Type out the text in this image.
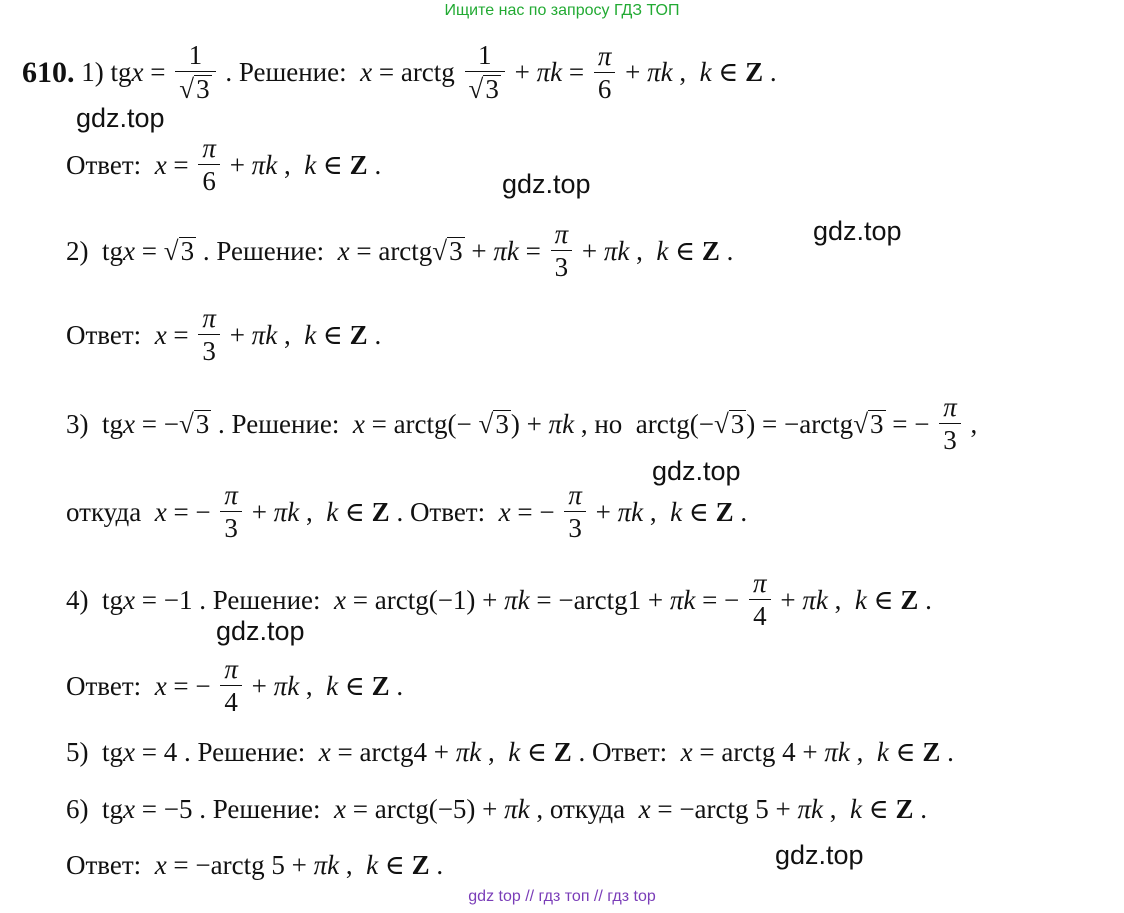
Ищите нас по запросу ГДЗ ТОП
gdz.top
gdz.top
gdz.top
gdz.top
gdz.top
gdz.top
610. 1) tgx = $\frac{1}{√3}$ . Решение: x = arctg $\frac{1}{√3} + \pi k = \frac{\pi}{6} + \pi k$ ,  k ∈ Z .
Ответ: $x = \frac{\pi}{6} + \pi k$ ,  k ∈ Z .
2)  tgx = √3 . Решение: x = arctg√3 + $\pi k = \frac{\pi}{3} + \pi k$ ,  k ∈ Z .
Ответ: $x = \frac{\pi}{3} + \pi k$ ,  k ∈ Z .
3)  tgx = −√3 . Решение: x = arctg(− √3) + πk , но  arctg(−√3) = −arctg√3 = − $\frac{\pi}{3}$ ,
откуда x = − $\frac{\pi}{3} + \pi k$ ,  k ∈ Z . Ответ: x = − $\frac{\pi}{3} + \pi k$ ,  k ∈ Z .
4)  tgx = −1 . Решение: x = arctg(−1) + πk = −arctg1 + πk = − $\frac{\pi}{4} + \pi k$ ,  k ∈ Z .
Ответ: x = − $\frac{\pi}{4} + \pi k$ ,  k ∈ Z .
5)  tgx = 4 . Решение: x = arctg4 + πk ,  k ∈ Z . Ответ: x = arctg 4 + πk ,  k ∈ Z .
6)  tgx = −5 . Решение: x = arctg(−5) + πk , откуда x = −arctg 5 + πk ,  k ∈ Z .
Ответ: x = −arctg 5 + πk ,  k ∈ Z .
gdz top // гдз топ // гдз top
